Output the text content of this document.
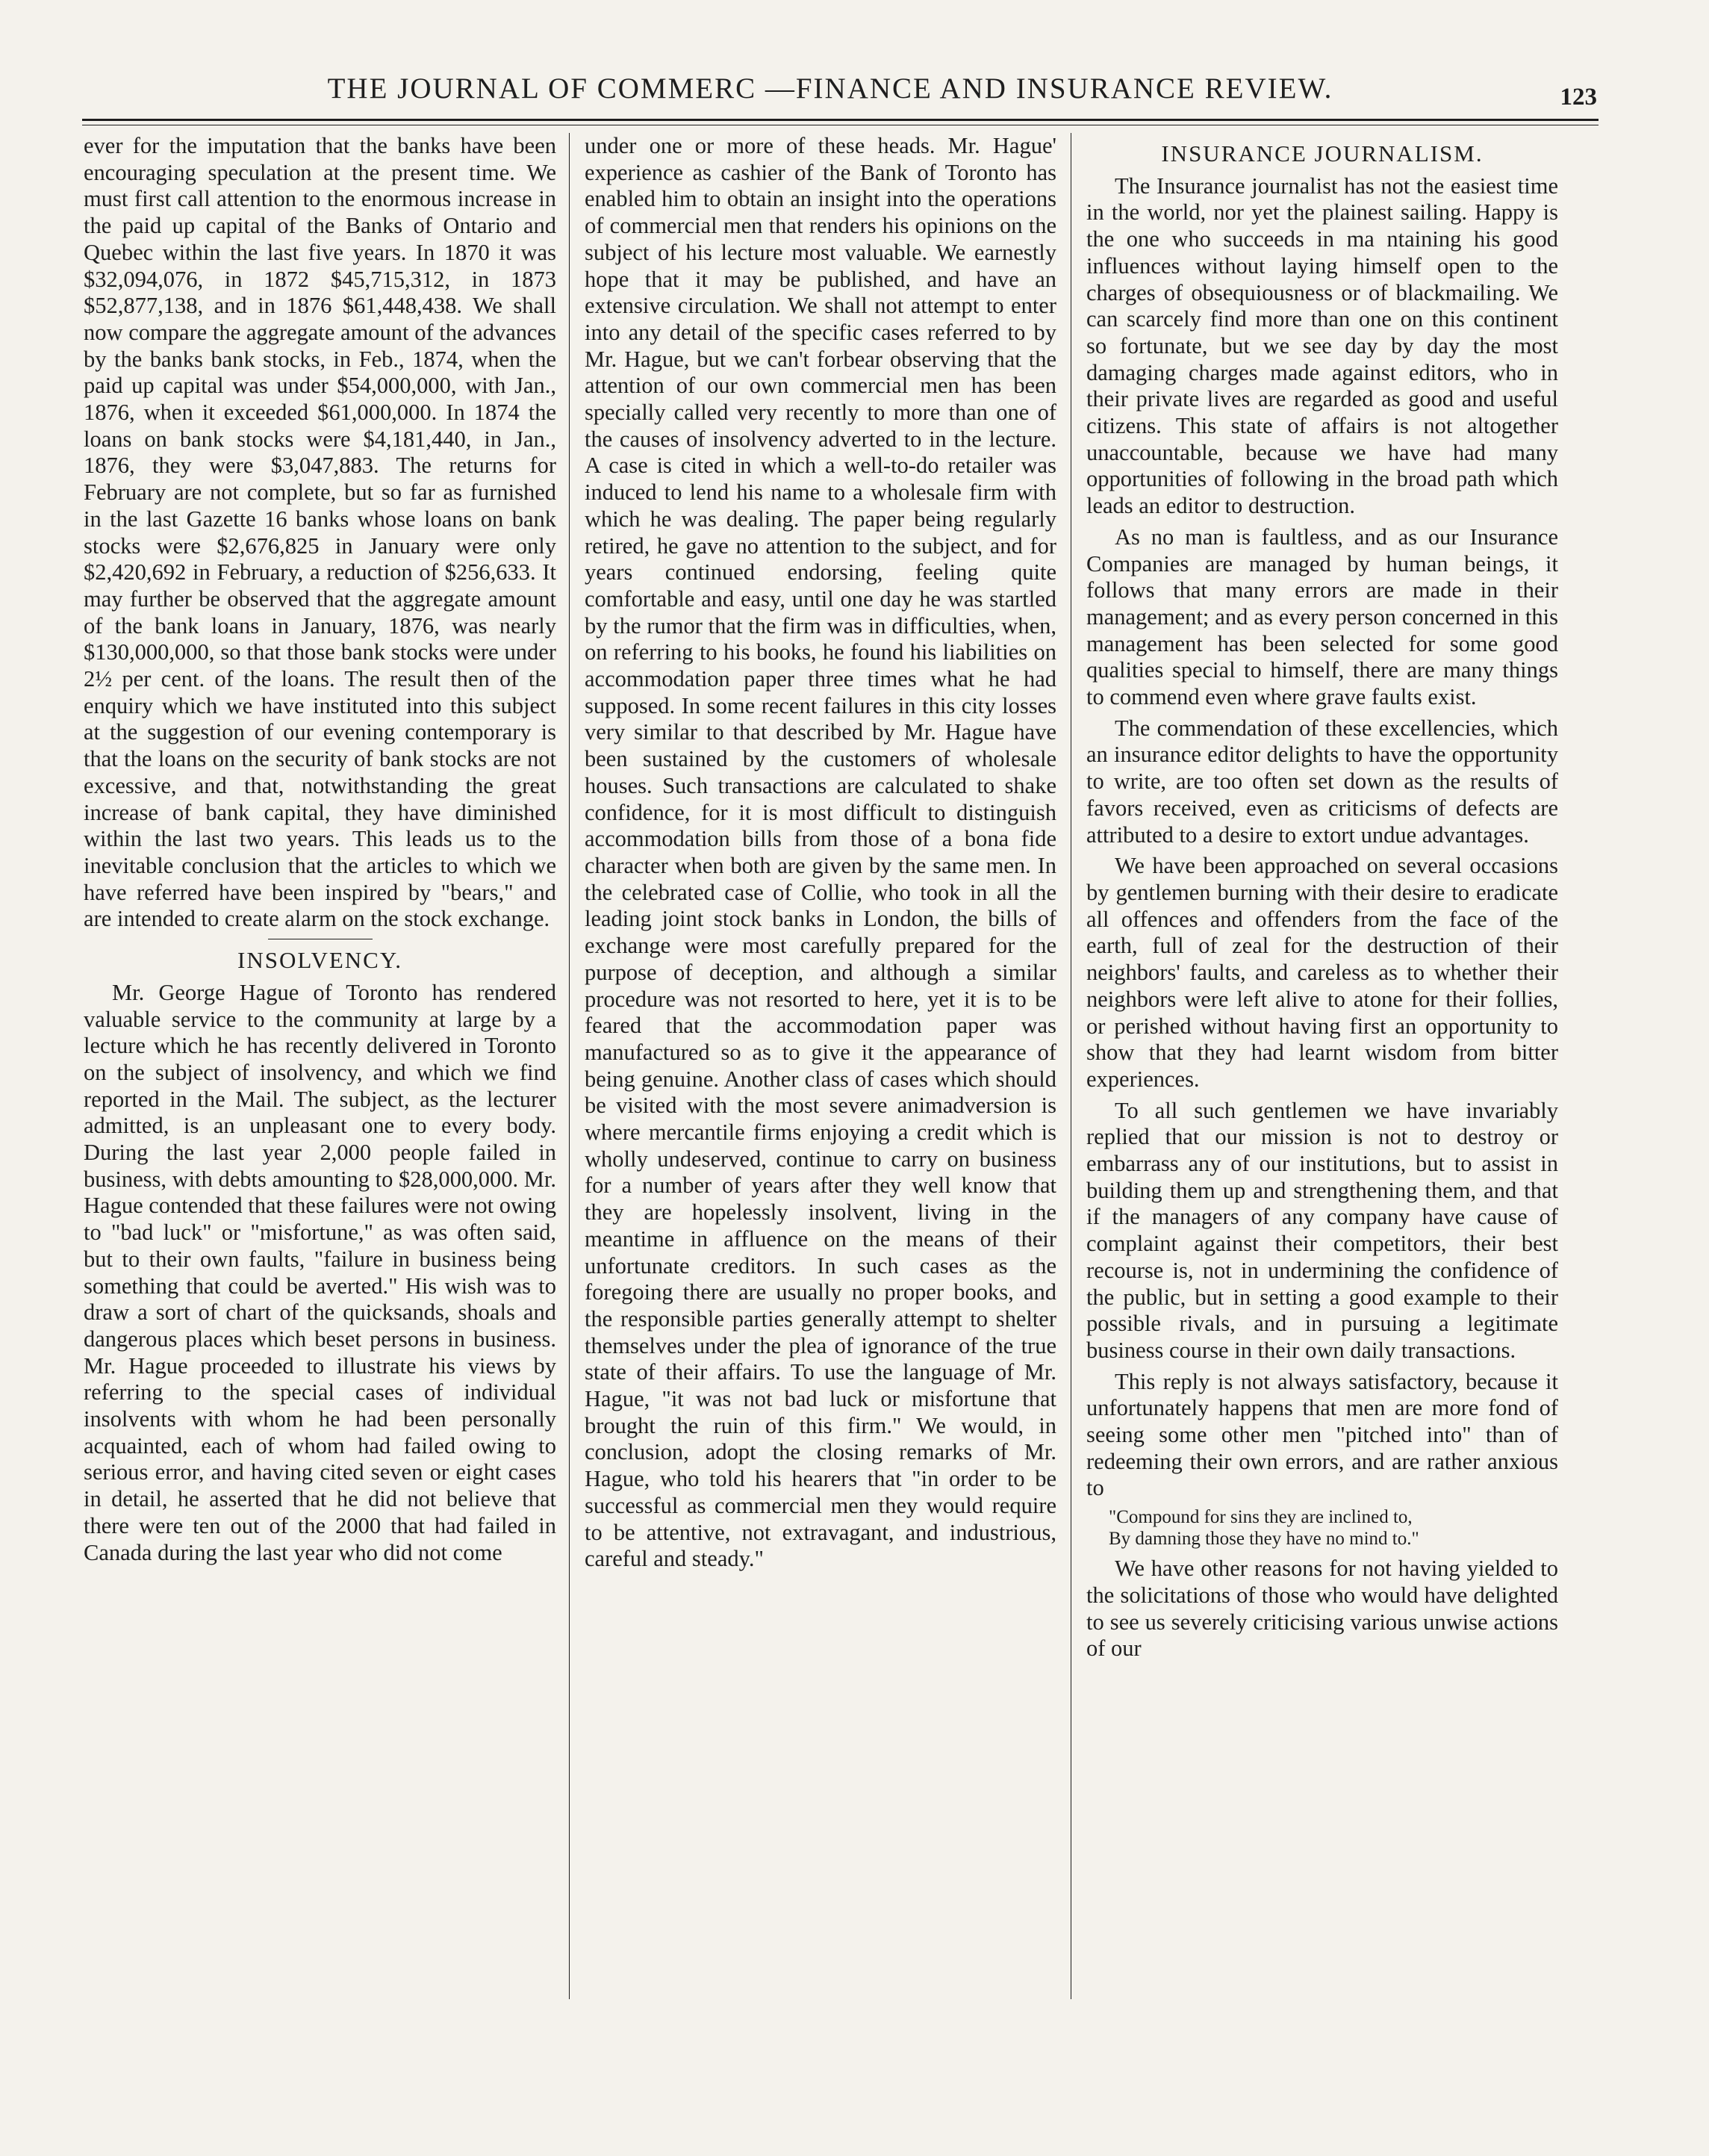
THE JOURNAL OF COMMERC —FINANCE AND INSURANCE REVIEW.	123

ever for the imputation that the banks have been encouraging speculation at the present time. We must first call attention to the enormous increase in the paid up capital of the Banks of Ontario and Quebec within the last five years. In 1870 it was $32,094,076, in 1872 $45,715,312, in 1873 $52,877,138, and in 1876 $61,448,438. We shall now compare the aggregate amount of the advances by the banks bank stocks, in Feb., 1874, when the paid up capital was under $54,000,000, with Jan., 1876, when it exceeded $61,000,000. In 1874 the loans on bank stocks were $4,181,440, in Jan., 1876, they were $3,047,883. The returns for February are not complete, but so far as furnished in the last Gazette 16 banks whose loans on bank stocks were $2,676,825 in January were only $2,420,692 in February, a reduction of $256,633. It may further be observed that the aggregate amount of the bank loans in January, 1876, was nearly $130,000,000, so that those bank stocks were under 2½ per cent. of the loans. The result then of the enquiry which we have instituted into this subject at the suggestion of our evening contemporary is that the loans on the security of bank stocks are not excessive, and that, notwithstanding the great increase of bank capital, they have diminished within the last two years. This leads us to the inevitable conclusion that the articles to which we have referred have been inspired by "bears," and are intended to create alarm on the stock exchange.

INSOLVENCY.

Mr. George Hague of Toronto has rendered valuable service to the community at large by a lecture which he has recently delivered in Toronto on the subject of insolvency, and which we find reported in the Mail. The subject, as the lecturer admitted, is an unpleasant one to every body. During the last year 2,000 people failed in business, with debts amounting to $28,000,000. Mr. Hague contended that these failures were not owing to "bad luck" or "misfortune," as was often said, but to their own faults, "failure in business being something that could be averted." His wish was to draw a sort of chart of the quicksands, shoals and dangerous places which beset persons in business. Mr. Hague proceeded to illustrate his views by referring to the special cases of individual insolvents with whom he had been personally acquainted, each of whom had failed owing to serious error, and having cited seven or eight cases in detail, he asserted that he did not believe that there were ten out of the 2000 that had failed in Canada during the last year who did not come

under one or more of these heads. Mr. Hague' experience as cashier of the Bank of Toronto has enabled him to obtain an insight into the operations of commercial men that renders his opinions on the subject of his lecture most valuable. We earnestly hope that it may be published, and have an extensive circulation. We shall not attempt to enter into any detail of the specific cases referred to by Mr. Hague, but we can't forbear observing that the attention of our own commercial men has been specially called very recently to more than one of the causes of insolvency adverted to in the lecture. A case is cited in which a well-to-do retailer was induced to lend his name to a wholesale firm with which he was dealing. The paper being regularly retired, he gave no attention to the subject, and for years continued endorsing, feeling quite comfortable and easy, until one day he was startled by the rumor that the firm was in difficulties, when, on referring to his books, he found his liabilities on accommodation paper three times what he had supposed. In some recent failures in this city losses very similar to that described by Mr. Hague have been sustained by the customers of wholesale houses. Such transactions are calculated to shake confidence, for it is most difficult to distinguish accommodation bills from those of a bona fide character when both are given by the same men. In the celebrated case of Collie, who took in all the leading joint stock banks in London, the bills of exchange were most carefully prepared for the purpose of deception, and although a similar procedure was not resorted to here, yet it is to be feared that the accommodation paper was manufactured so as to give it the appearance of being genuine. Another class of cases which should be visited with the most severe animadversion is where mercantile firms enjoying a credit which is wholly undeserved, continue to carry on business for a number of years after they well know that they are hopelessly insolvent, living in the meantime in affluence on the means of their unfortunate creditors. In such cases as the foregoing there are usually no proper books, and the responsible parties generally attempt to shelter themselves under the plea of ignorance of the true state of their affairs. To use the language of Mr. Hague, "it was not bad luck or misfortune that brought the ruin of this firm." We would, in conclusion, adopt the closing remarks of Mr. Hague, who told his hearers that "in order to be successful as commercial men they would require to be attentive, not extravagant, and industrious, careful and steady."

INSURANCE JOURNALISM.

The Insurance journalist has not the easiest time in the world, nor yet the plainest sailing. Happy is the one who succeeds in ma ntaining his good influences without laying himself open to the charges of obsequiousness or of blackmailing. We can scarcely find more than one on this continent so fortunate, but we see day by day the most damaging charges made against editors, who in their private lives are regarded as good and useful citizens. This state of affairs is not altogether unaccountable, because we have had many opportunities of following in the broad path which leads an editor to destruction.

As no man is faultless, and as our Insurance Companies are managed by human beings, it follows that many errors are made in their management; and as every person concerned in this management has been selected for some good qualities special to himself, there are many things to commend even where grave faults exist.

The commendation of these excellencies, which an insurance editor delights to have the opportunity to write, are too often set down as the results of favors received, even as criticisms of defects are attributed to a desire to extort undue advantages.

We have been approached on several occasions by gentlemen burning with their desire to eradicate all offences and offenders from the face of the earth, full of zeal for the destruction of their neighbors' faults, and careless as to whether their neighbors were left alive to atone for their follies, or perished without having first an opportunity to show that they had learnt wisdom from bitter experiences.

To all such gentlemen we have invariably replied that our mission is not to destroy or embarrass any of our institutions, but to assist in building them up and strengthening them, and that if the managers of any company have cause of complaint against their competitors, their best recourse is, not in undermining the confidence of the public, but in setting a good example to their possible rivals, and in pursuing a legitimate business course in their own daily transactions.

This reply is not always satisfactory, because it unfortunately happens that men are more fond of seeing some other men "pitched into" than of redeeming their own errors, and are rather anxious to

"Compound for sins they are inclined to,
By damning those they have no mind to."

We have other reasons for not having yielded to the solicitations of those who would have delighted to see us severely criticising various unwise actions of our
